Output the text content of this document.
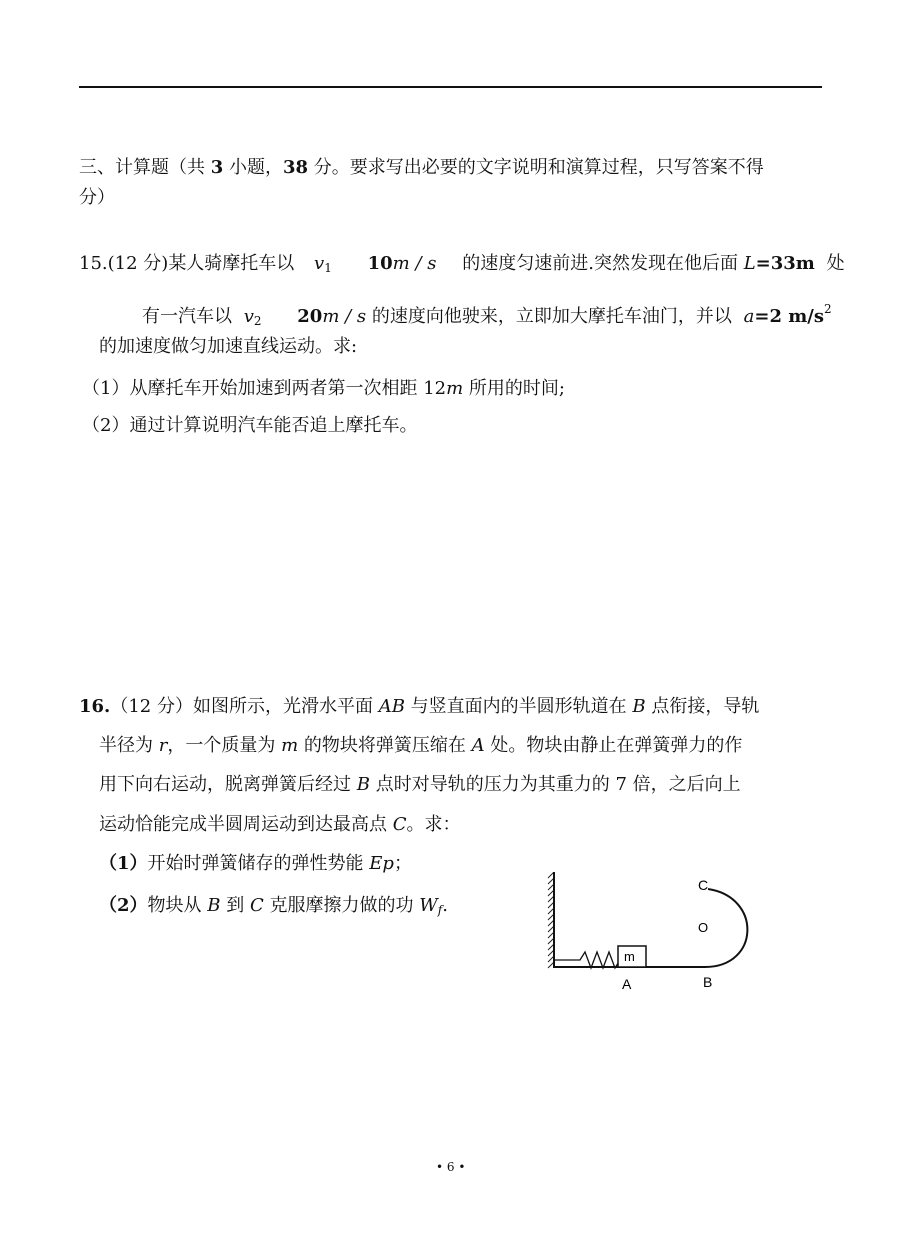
三、计算题（共 3 小题，38 分。要求写出必要的文字说明和演算过程，只写答案不得
分）
15.(12 分)某人骑摩托车以 $v_1$ 10m / s 的速度匀速前进.突然发现在他后面 L=33m 处
有一汽车以 $v_2$ 20m / s 的速度向他驶来，立即加大摩托车油门，并以 a=2 $m/s^2$
的加速度做匀加速直线运动。求:
（1）从摩托车开始加速到两者第一次相距 12m 所用的时间;
（2）通过计算说明汽车能否追上摩托车。
16.（12 分）如图所示，光滑水平面 AB 与竖直面内的半圆形轨道在 B 点衔接，导轨
半径为 r，一个质量为 m 的物块将弹簧压缩在 A 处。物块由静止在弹簧弹力的作
用下向右运动，脱离弹簧后经过 B 点时对导轨的压力为其重力的 7 倍，之后向上
运动恰能完成半圆周运动到达最高点 C。求：
（1）开始时弹簧储存的弹性势能 Ep；
（2）物块从 B 到 C 克服摩擦力做的功 $W_f$.
m
C
O
A	B
• 6 •
